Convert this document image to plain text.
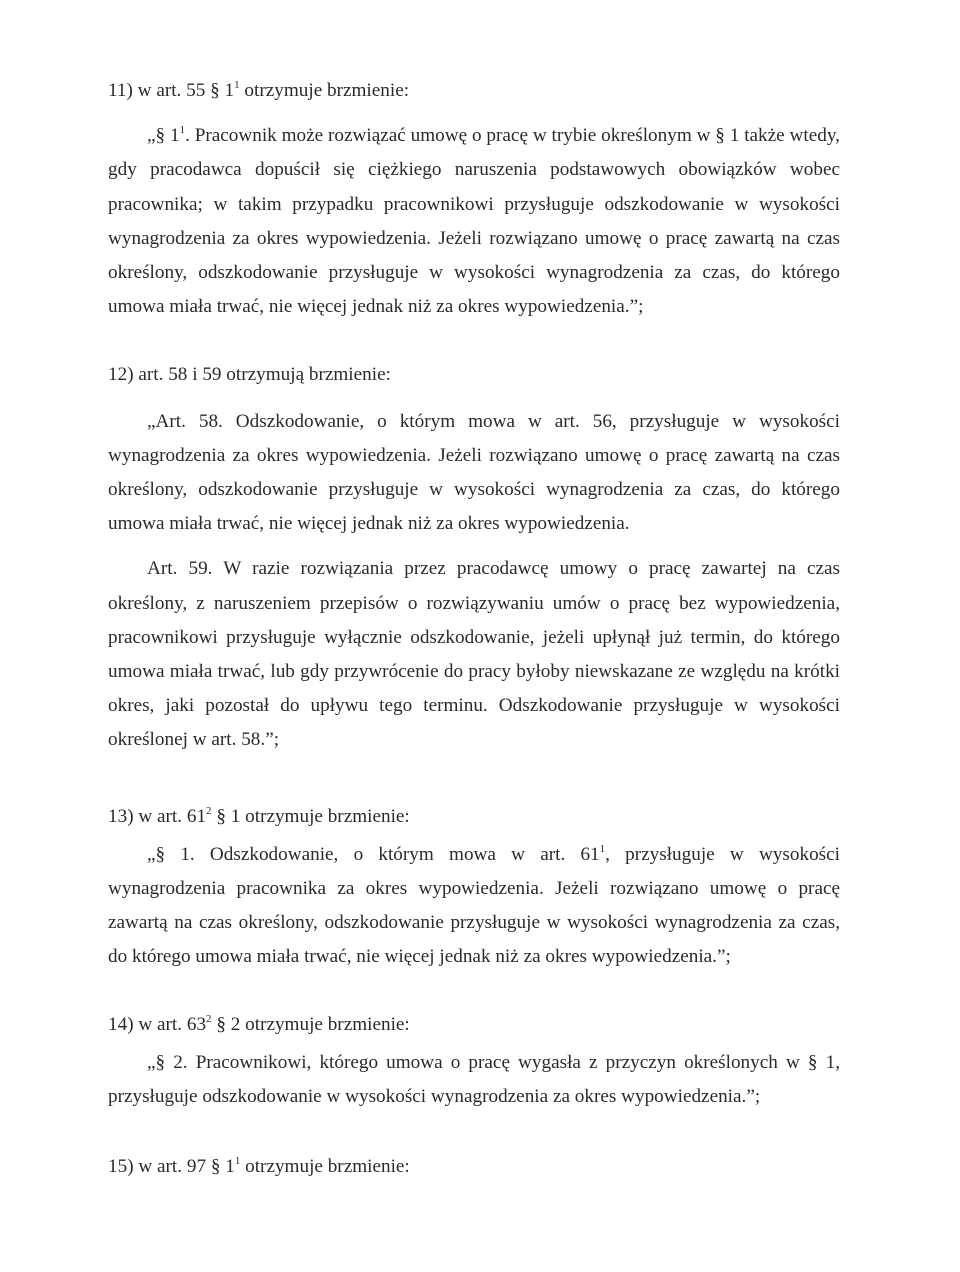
11) w art. 55 § $1^1$ otrzymuje brzmienie:

„§ $1^1$. Pracownik może rozwiązać umowę o pracę w trybie określonym w § 1 także wtedy, gdy pracodawca dopuścił się ciężkiego naruszenia podstawowych obowiązków wobec pracownika; w takim przypadku pracownikowi przysługuje odszkodowanie w wysokości wynagrodzenia za okres wypowiedzenia. Jeżeli rozwiązano umowę o pracę zawartą na czas określony, odszkodowanie przysługuje w wysokości wynagrodzenia za czas, do którego umowa miała trwać, nie więcej jednak niż za okres wypowiedzenia.”;

12) art. 58 i 59 otrzymują brzmienie:

„Art. 58. Odszkodowanie, o którym mowa w art. 56, przysługuje w wysokości wynagrodzenia za okres wypowiedzenia. Jeżeli rozwiązano umowę o pracę zawartą na czas określony, odszkodowanie przysługuje w wysokości wynagrodzenia za czas, do którego umowa miała trwać, nie więcej jednak niż za okres wypowiedzenia.

Art. 59. W razie rozwiązania przez pracodawcę umowy o pracę zawartej na czas określony, z naruszeniem przepisów o rozwiązywaniu umów o pracę bez wypowiedzenia, pracownikowi przysługuje wyłącznie odszkodowanie, jeżeli upłynął już termin, do którego umowa miała trwać, lub gdy przywrócenie do pracy byłoby niewskazane ze względu na krótki okres, jaki pozostał do upływu tego terminu. Odszkodowanie przysługuje w wysokości określonej w art. 58.”;

13) w art. $61^2$ § 1 otrzymuje brzmienie:

„§ 1. Odszkodowanie, o którym mowa w art. $61^1$, przysługuje w wysokości wynagrodzenia pracownika za okres wypowiedzenia. Jeżeli rozwiązano umowę o pracę zawartą na czas określony, odszkodowanie przysługuje w wysokości wynagrodzenia za czas, do którego umowa miała trwać, nie więcej jednak niż za okres wypowiedzenia.”;

14) w art. $63^2$ § 2 otrzymuje brzmienie:

„§ 2. Pracownikowi, którego umowa o pracę wygasła z przyczyn określonych w § 1, przysługuje odszkodowanie w wysokości wynagrodzenia za okres wypowiedzenia.”;

15) w art. 97 § $1^1$ otrzymuje brzmienie:
